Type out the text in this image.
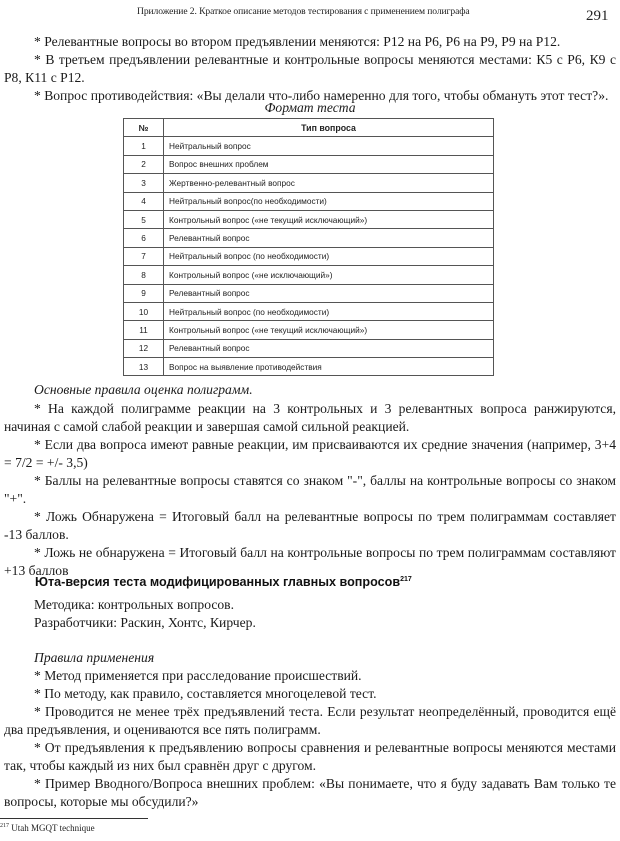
Приложение 2. Краткое описание методов тестирования с применением полиграфа	291

* Релевантные вопросы во втором предъявлении меняются: Р12 на Р6, Р6 на Р9, Р9 на Р12.

* В третьем предъявлении релевантные и контрольные вопросы меняются местами: К5 с Р6, К9 с Р8, К11 с Р12.

* Вопрос противодействия: «Вы делали что-либо намеренно для того, чтобы обмануть этот тест?».

Формат теста
№	Тип вопроса
1	Нейтральный вопрос
2	Вопрос внешних проблем
3	Жертвенно-релевантный вопрос
4	Нейтральный вопрос(по необходимости)
5	Контрольный вопрос («не текущий исключающий»)
6	Релевантный вопрос
7	Нейтральный вопрос (по необходимости)
8	Контрольный вопрос («не исключающий»)
9	Релевантный вопрос
10	Нейтральный вопрос (по необходимости)
11	Контрольный вопрос («не текущий исключающий»)
12	Релевантный вопрос
13	Вопрос на выявление противодействия

Основные правила оценка полиграмм.

* На каждой полиграмме реакции на 3 контрольных и 3 релевантных вопроса ранжируются, начиная с самой слабой реакции и завершая самой сильной реакцией.

* Если два вопроса имеют равные реакции, им присваиваются их средние значения (например, 3+4 = 7/2 = +/- 3,5)

* Баллы на релевантные вопросы ставятся со знаком "-", баллы на контрольные вопросы со знаком "+".

* Ложь Обнаружена = Итоговый балл на релевантные вопросы по трем полиграммам составляет -13 баллов.

* Ложь не обнаружена = Итоговый балл на контрольные вопросы по трем полиграммам составляют +13 баллов

Юта-версия теста модифицированных главных вопросов$^{217}$

Методика: контрольных вопросов.

Разработчики: Раскин, Хонтс, Кирчер.

Правила применения

* Метод применяется при расследование происшествий.

* По методу, как правило, составляется многоцелевой тест.

* Проводится не менее трёх предъявлений теста. Если результат неопределённый, проводится ещё два предъявления, и оцениваются все пять полиграмм.

* От предъявления к предъявлению вопросы сравнения и релевантные вопросы меняются местами так, чтобы каждый из них был сравнён друг с другом.

* Пример Вводного/Вопроса внешних проблем: «Вы понимаете, что я буду задавать Вам только те вопросы, которые мы обсудили?»

$^{217}$ Utah MGQT technique
